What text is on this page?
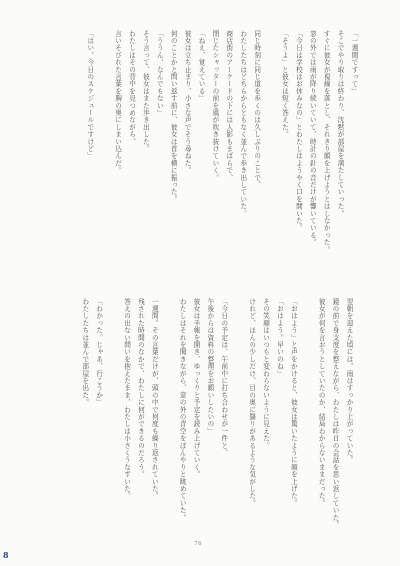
「一週間ですって」
そこでやり取りは終わり、沈黙が部屋を満たしていった。
すぐに彼女が視線を落とし、それきり顔を上げようとはしなかった。
窓の外では雨が降り続いていて、時計の針の音だけが響いている。
「今日は学校はお休みなの」とわたしはようやく口を開いた。
「そうよ」と彼女は短く答えた。

同じ時刻に同じ道を歩くのは久しぶりのことで、
わたしたちはどちらからともなく並んで歩き出していた。
商店街のアーケードの下には人影もまばらで、
閉じたシャッターの前を風が吹き抜けていく。
「ねえ、覚えている」
彼女は立ち止まり、小さな声でそう尋ねた。
何のことかと問い返す前に、彼女は首を横に振った。
「ううん、なんでもない」
そう言って、彼女はまた歩き出した。
わたしはその背中を見つめながら、
言いそびれた言葉を胸の奥にしまい込んだ。

「はい。今日のスケジュールですけど」
翌朝を迎えた頃には、雨はすっかり上がっていた。
鏡の前で身支度を整えながら、わたしは昨日の会話を思い返していた。
彼女が何を言おうとしていたのか、結局わからないままだった。

「おはよう」と声をかけると、彼女は驚いたように顔を上げた。
「おはよう。早いのね」
その笑顔はいつもと変わらないように見えた。
けれど、ほんの少しだけ、目の奥に翳りがあるような気がした。

「今日の予定は、午前中に打ち合わせが一件と、
午後からは資料の整理をお願いしたいの」
彼女は手帳を開き、ゆっくりと予定を読み上げていく。
わたしはそれを聞きながら、窓の外の青空をぼんやりと眺めていた。

一週間。その言葉だけが、頭の中で何度も繰り返されていた。
残された時間のなかで、わたしに何ができるのだろう。
答えの出ない問いを抱えたまま、わたしは小さくうなずいた。

「わかった。じゃあ、行こうか」
わたしたちは並んで部屋を出た。
76
8
